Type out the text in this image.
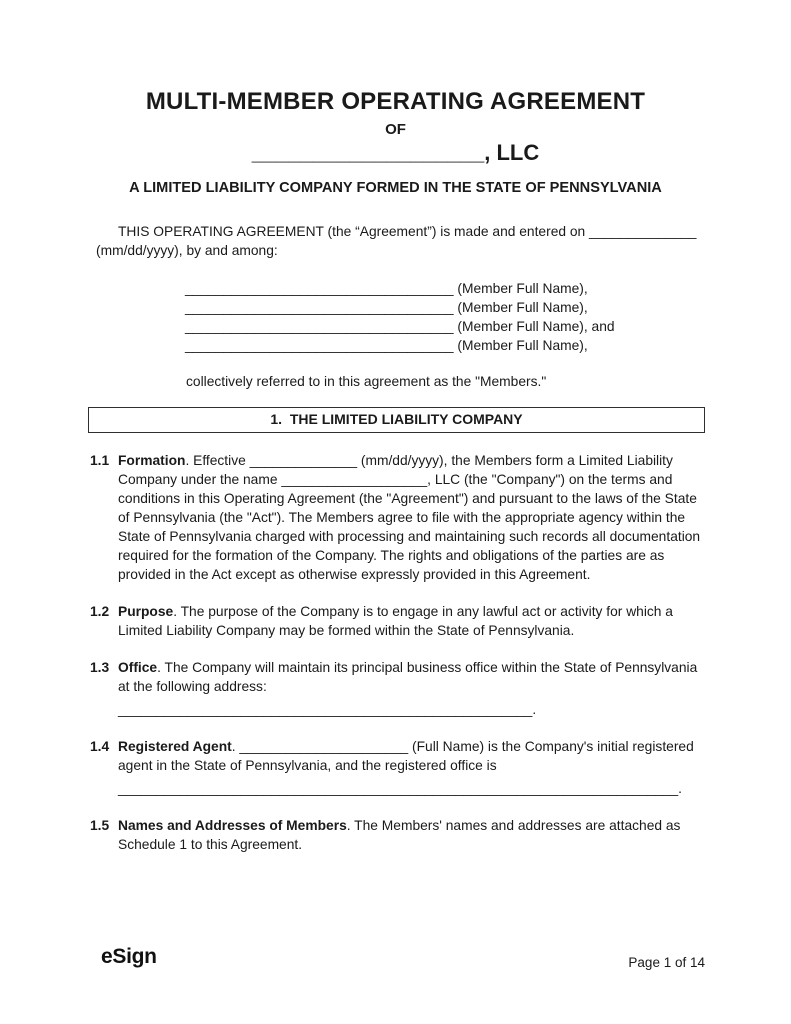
MULTI-MEMBER OPERATING AGREEMENT
OF
___________________, LLC
A LIMITED LIABILITY COMPANY FORMED IN THE STATE OF PENNSYLVANIA

THIS OPERATING AGREEMENT (the “Agreement”) is made and entered on ______________ (mm/dd/yyyy), by and among:

___________________________________ (Member Full Name),
___________________________________ (Member Full Name),
___________________________________ (Member Full Name), and
___________________________________ (Member Full Name),

collectively referred to in this agreement as the "Members."

1.  THE LIMITED LIABILITY COMPANY
1.1 Formation. Effective ______________ (mm/dd/yyyy), the Members form a Limited Liability Company under the name ___________________, LLC (the "Company") on the terms and conditions in this Operating Agreement (the "Agreement") and pursuant to the laws of the State of Pennsylvania (the "Act"). The Members agree to file with the appropriate agency within the State of Pennsylvania charged with processing and maintaining such records all documentation required for the formation of the Company. The rights and obligations of the parties are as provided in the Act except as otherwise expressly provided in this Agreement.
1.2 Purpose. The purpose of the Company is to engage in any lawful act or activity for which a Limited Liability Company may be formed within the State of Pennsylvania.
1.3 Office. The Company will maintain its principal business office within the State of Pennsylvania at the following address:
______________________________________________________.
1.4 Registered Agent. ______________________ (Full Name) is the Company's initial registered agent in the State of Pennsylvania, and the registered office is
_________________________________________________________________________.
1.5 Names and Addresses of Members. The Members' names and addresses are attached as Schedule 1 to this Agreement.
eSign	Page 1 of 14
